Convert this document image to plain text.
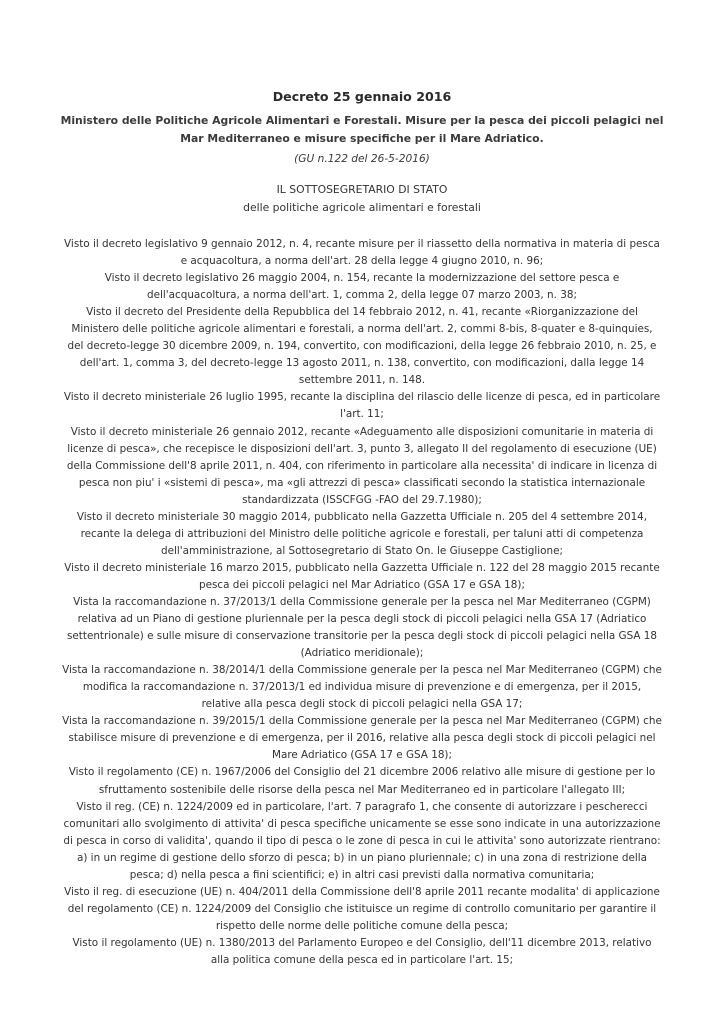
Decreto 25 gennaio 2016
Ministero delle Politiche Agricole Alimentari e Forestali. Misure per la pesca dei piccoli pelagici nel Mar Mediterraneo e misure specifiche per il Mare Adriatico.
(GU n.122 del 26-5-2016)
IL SOTTOSEGRETARIO DI STATO
delle politiche agricole alimentari e forestali

Visto il decreto legislativo 9 gennaio 2012, n. 4, recante misure per il riassetto della normativa in materia di pesca e acquacoltura, a norma dell'art. 28 della legge 4 giugno 2010, n. 96;

Visto il decreto legislativo 26 maggio 2004, n. 154, recante la modernizzazione del settore pesca e dell'acquacoltura, a norma dell'art. 1, comma 2, della legge 07 marzo 2003, n. 38;

Visto il decreto del Presidente della Repubblica del 14 febbraio 2012, n. 41, recante «Riorganizzazione del Ministero delle politiche agricole alimentari e forestali, a norma dell'art. 2, commi 8-bis, 8-quater e 8-quinquies, del decreto-legge 30 dicembre 2009, n. 194, convertito, con modificazioni, della legge 26 febbraio 2010, n. 25, e dell'art. 1, comma 3, del decreto-legge 13 agosto 2011, n. 138, convertito, con modificazioni, dalla legge 14 settembre 2011, n. 148.

Visto il decreto ministeriale 26 luglio 1995, recante la disciplina del rilascio delle licenze di pesca, ed in particolare l'art. 11;

Visto il decreto ministeriale 26 gennaio 2012, recante «Adeguamento alle disposizioni comunitarie in materia di licenze di pesca», che recepisce le disposizioni dell'art. 3, punto 3, allegato II del regolamento di esecuzione (UE) della Commissione dell'8 aprile 2011, n. 404, con riferimento in particolare alla necessita' di indicare in licenza di pesca non piu' i «sistemi di pesca», ma «gli attrezzi di pesca» classificati secondo la statistica internazionale standardizzata (ISSCFGG -FAO del 29.7.1980);

Visto il decreto ministeriale 30 maggio 2014, pubblicato nella Gazzetta Ufficiale n. 205 del 4 settembre 2014, recante la delega di attribuzioni del Ministro delle politiche agricole e forestali, per taluni atti di competenza dell'amministrazione, al Sottosegretario di Stato On. le Giuseppe Castiglione;

Visto il decreto ministeriale 16 marzo 2015, pubblicato nella Gazzetta Ufficiale n. 122 del 28 maggio 2015 recante pesca dei piccoli pelagici nel Mar Adriatico (GSA 17 e GSA 18);

Vista la raccomandazione n. 37/2013/1 della Commissione generale per la pesca nel Mar Mediterraneo (CGPM) relativa ad un Piano di gestione pluriennale per la pesca degli stock di piccoli pelagici nella GSA 17 (Adriatico settentrionale) e sulle misure di conservazione transitorie per la pesca degli stock di piccoli pelagici nella GSA 18 (Adriatico meridionale);

Vista la raccomandazione n. 38/2014/1 della Commissione generale per la pesca nel Mar Mediterraneo (CGPM) che modifica la raccomandazione n. 37/2013/1 ed individua misure di prevenzione e di emergenza, per il 2015, relative alla pesca degli stock di piccoli pelagici nella GSA 17;

Vista la raccomandazione n. 39/2015/1 della Commissione generale per la pesca nel Mar Mediterraneo (CGPM) che stabilisce misure di prevenzione e di emergenza, per il 2016, relative alla pesca degli stock di piccoli pelagici nel Mare Adriatico (GSA 17 e GSA 18);

Visto il regolamento (CE) n. 1967/2006 del Consiglio del 21 dicembre 2006 relativo alle misure di gestione per lo sfruttamento sostenibile delle risorse della pesca nel Mar Mediterraneo ed in particolare l'allegato III;

Visto il reg. (CE) n. 1224/2009 ed in particolare, l'art. 7 paragrafo 1, che consente di autorizzare i pescherecci comunitari allo svolgimento di attivita' di pesca specifiche unicamente se esse sono indicate in una autorizzazione di pesca in corso di validita', quando il tipo di pesca o le zone di pesca in cui le attivita' sono autorizzate rientrano: a) in un regime di gestione dello sforzo di pesca; b) in un piano pluriennale; c) in una zona di restrizione della pesca; d) nella pesca a fini scientifici; e) in altri casi previsti dalla normativa comunitaria;

Visto il reg. di esecuzione (UE) n. 404/2011 della Commissione dell'8 aprile 2011 recante modalita' di applicazione del regolamento (CE) n. 1224/2009 del Consiglio che istituisce un regime di controllo comunitario per garantire il rispetto delle norme delle politiche comune della pesca;

Visto il regolamento (UE) n. 1380/2013 del Parlamento Europeo e del Consiglio, dell'11 dicembre 2013, relativo alla politica comune della pesca ed in particolare l'art. 15;
